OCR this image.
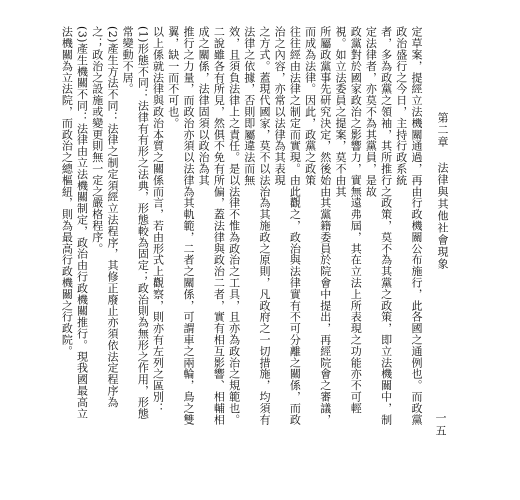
第二章法律與其他社會現象

定草案，提經立法機關通過，再由行政機關公布施行，此各國之通例也。而政黨政治盛行之今日，主持行政系統

者，多為政黨之領袖，其所推行之政策，莫不為其黨之政策，即立法機關中，制定法律者，亦莫不為其黨員，是故

政黨對於國家政治之影響力，實無遠弗屆，其在立法上所表現之功能亦不可輕視。如立法委員之提案，莫不由其

所屬政黨事先研究決定，然後始由其黨籍委員於院會中提出，再經院會之審議，而成為法律。因此，政黨之政策

往往經由法律之制定而實現。由此觀之，政治與法律實有不可分離之關係，而政治之內容，亦常以法律為其表現

之方式。蓋現代國家，莫不以法治為其施政之原則，凡政府之一切措施，均須有法律之依據，否則即屬違法而無

效，且須負法律上之責任。是以法律不惟為政治之工具，且亦為政治之規範也。

二說雖各有所見，然俱不免有所偏，蓋法律與政治二者，實有相互影響、相輔相成之關係，法律固須以政治為其

推行之力量，而政治亦須以法律為其軌範，二者之關係，可謂車之兩輪，鳥之雙翼，缺一而不可也。

以上係就法律與政治本質之關係而言，若由形式上觀察，則亦有左列之區別：

(1)形態不同：法律有有形之法典，形態較為固定；政治則為無形之作用，形態常變動不居。

(2)產生方法不同：法律之制定須經立法程序，其修正廢止亦須依法定程序為之；政治之設施或變更則無一定之嚴格程序。

(3)產生機關不同：法律由立法機關制定，政治由行政機關推行。現我國最高立法機關為立法院，而政治之總樞紐，則為最高行政機關之行政院。

一五
